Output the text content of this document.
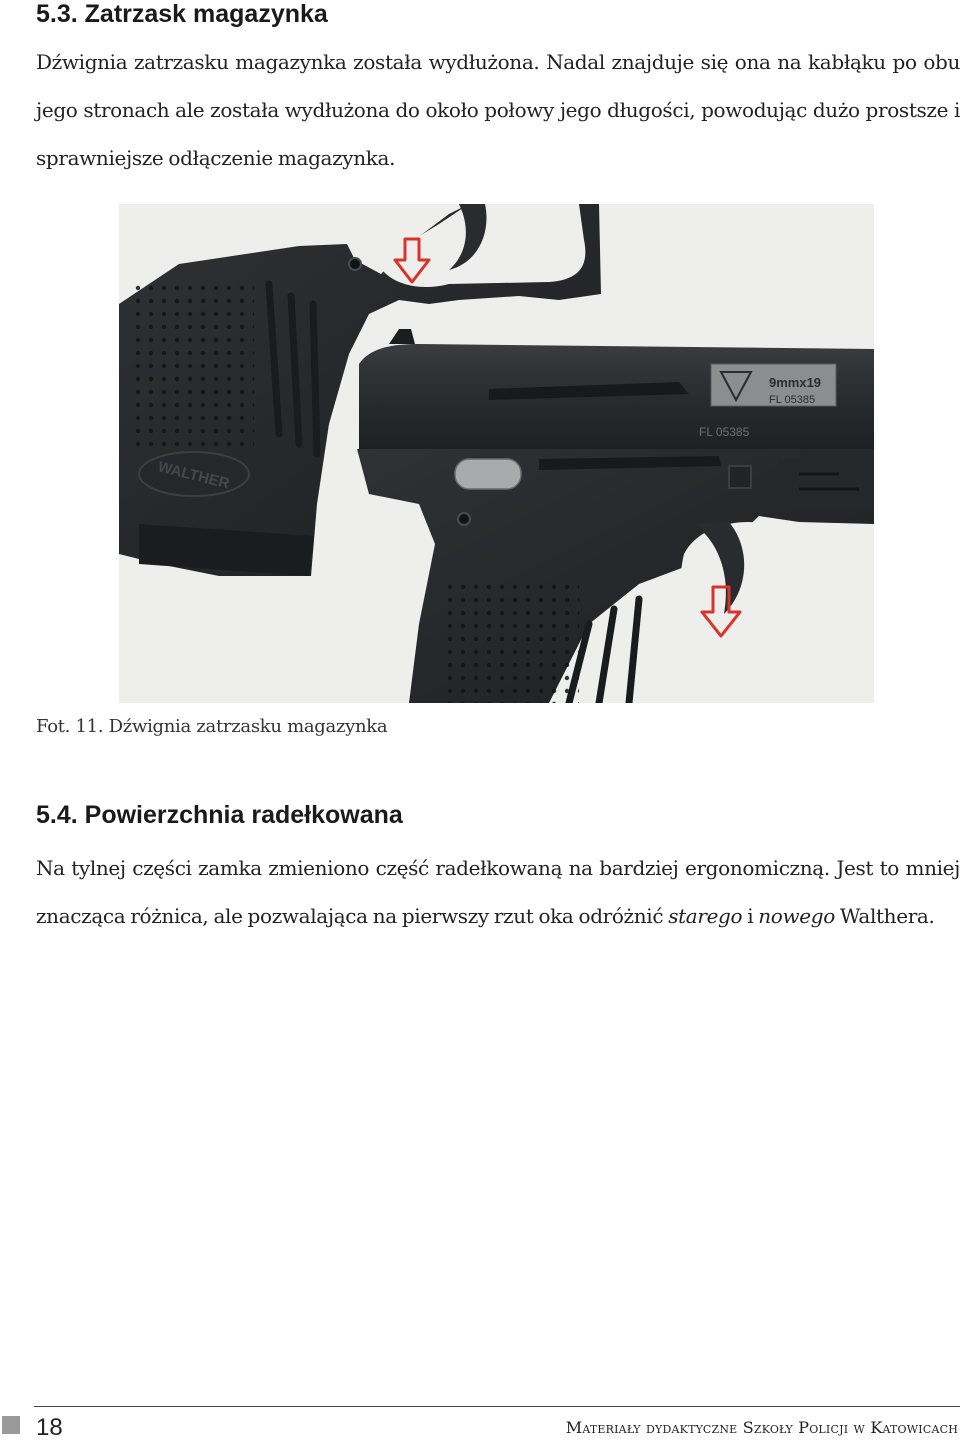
5.3. Zatrzask magazynka

Dźwignia zatrzasku magazynka została wydłużona. Nadal znajduje się ona na kabłąku po obu jego stronach ale została wydłużona do około połowy jego długości, powodując dużo prostsze i sprawniejsze odłączenie magazynka.

WALTHER
9mmx19
FL 05385
FL 05385

Fot. 11. Dźwignia zatrzasku magazynka

5.4. Powierzchnia radełkowana

Na tylnej części zamka zmieniono część radełkowaną na bardziej ergonomiczną. Jest to mniej znacząca różnica, ale pozwalająca na pierwszy rzut oka odróżnić starego i nowego Walthera.

18	Materiały dydaktyczne Szkoły Policji w Katowicach
